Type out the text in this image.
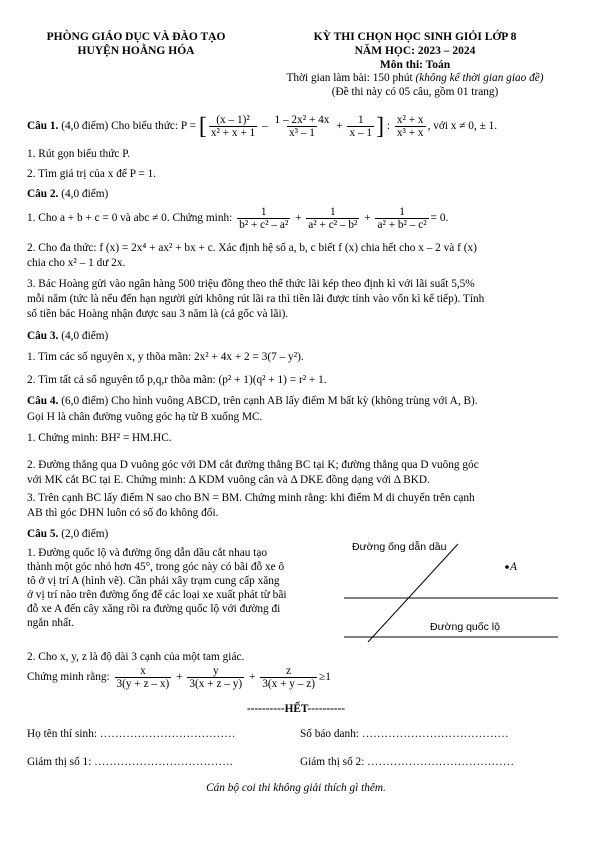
PHÒNG GIÁO DỤC VÀ ĐÀO TẠO
HUYỆN HOẰNG HÓA
KỲ THI CHỌN HỌC SINH GIỎI LỚP 8
NĂM HỌC: 2023 – 2024
Môn thi: Toán
Thời gian làm bài: 150 phút (không kể thời gian giao đề)
(Đề thi này có 05 câu, gồm 01 trang)
Câu 1. (4,0 điểm) Cho biểu thức: P = [ $\frac{\text{(x – 1)²}}{\text{x² + x + 1}} - \frac{\text{1 – 2x² + 4x}}{\text{x³ – 1}} + \frac{1}{x - 1}$ ] : $\frac{\text{x² + x}}{\text{x³ + x}}$ , với x ≠ 0, ± 1.
1. Rút gọn biểu thức P.
2. Tìm giá trị của x để P = 1.
Câu 2. (4,0 điểm)
1. Cho a + b + c = 0 và abc ≠ 0. Chứng minh: $\frac{1}{\text{b² + c² – a²}} + \frac{1}{\text{a² + c² – b²}} + \frac{1}{\text{a² + b² – c²}} = 0$.
2. Cho đa thức: f (x) = 2x⁴ + ax² + bx + c. Xác định hệ số a, b, c biết f (x) chia hết cho x – 2 và f (x)
chia cho x² – 1 dư 2x.
3. Bác Hoàng gửi vào ngân hàng 500 triệu đồng theo thể thức lãi kép theo định kì với lãi suất 5,5%
mỗi năm (tức là nếu đến hạn người gửi không rút lãi ra thì tiền lãi được tính vào vốn kì kế tiếp). Tính
số tiền bác Hoàng nhận được sau 3 năm là (cả gốc và lãi).
Câu 3. (4,0 điểm)
1. Tìm các số nguyên x, y thõa mãn: 2x² + 4x + 2 = 3(7 – y²).
2. Tìm tất cả số nguyên tố p,q,r thõa mãn: (p² + 1)(q² + 1) = r² + 1.
Câu 4. (6,0 điểm) Cho hình vuông ABCD, trên cạnh AB lấy điểm M bất kỳ (không trùng với A, B).
Gọi H là chân đường vuông góc hạ từ B xuống MC.
1. Chứng minh: BH² = HM.HC.
2. Đường thẳng qua D vuông góc với DM cắt đường thẳng BC tại K; đường thẳng qua D vuông góc
với MK cắt BC tại E. Chứng minh: Δ KDM vuông cân và Δ DKE đồng dạng với Δ BKD.
3. Trên cạnh BC lấy điểm N sao cho BN = BM. Chứng minh rằng: khi điểm M di chuyển trên cạnh
AB thì góc DHN luôn có số đo không đổi.
Câu 5. (2,0 điểm)
1. Đường quốc lộ và đường ống dẫn dầu cắt nhau tạo
thành một góc nhỏ hơn 45°, trong góc này có bãi đỗ xe ô
tô ở vị trí A (hình vẽ). Cần phải xây trạm cung cấp xăng
ở vị trí nào trên đường ống để các loại xe xuất phát từ bãi
đỗ xe A đến cây xăng rồi ra đường quốc lộ với đường đi
ngắn nhất.
Đường ống dẫn dầu
Đường quốc lộ
A
2. Cho x, y, z là độ dài 3 cạnh của một tam giác.
Chứng minh rằng: $\frac{x}{3(y + z - x)} + \frac{y}{3(x + z - y)} + \frac{z}{3(x + y - z)} \ge 1$
----------HẾT----------
Họ tên thí sinh: ………………………………	Số báo danh: …………………………………
Giám thị số 1: ……………………………….	Giám thị số 2: …………………………………
Cán bộ coi thi không giải thích gì thêm.
